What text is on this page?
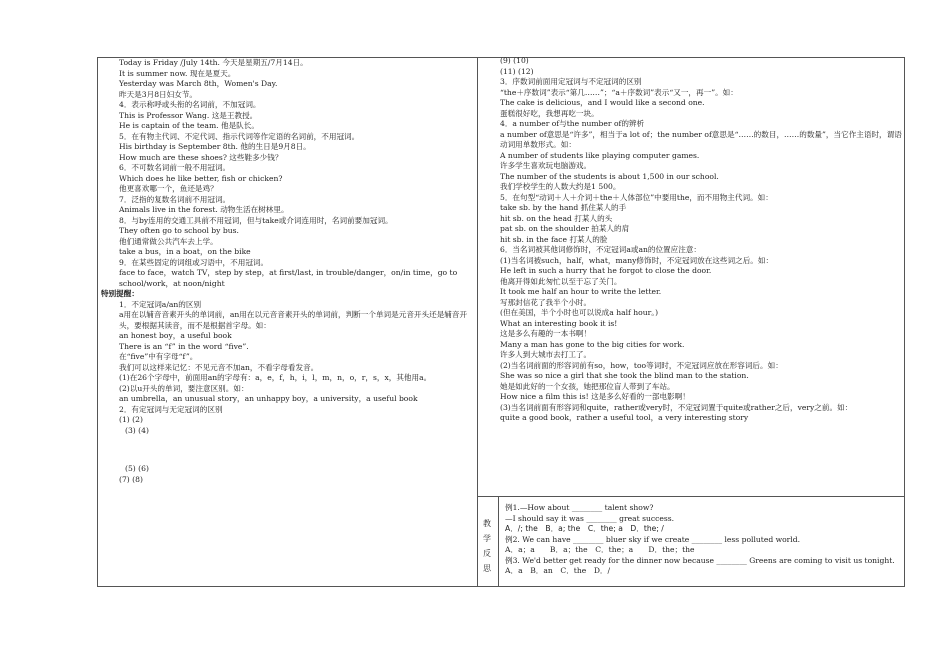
Today is Friday /July 14th. 今天是星期五/7月14日。
It is summer now. 现在是夏天。
Yesterday was March 8th，Women's Day.
昨天是3月8日妇女节。
4．表示称呼或头衔的名词前，不加冠词。
This is Professor Wang. 这是王教授。
He is captain of the team. 他是队长。
5．在有物主代词、不定代词、指示代词等作定语的名词前，不用冠词。
His birthday is September 8th. 他的生日是9月8日。
How much are these shoes? 这些鞋多少钱？
6．不可数名词前一般不用冠词。
Which does he like better, fish or chicken?
他更喜欢哪一个，鱼还是鸡？
7．泛指的复数名词前不用冠词。
Animals live in the forest. 动物生活在树林里。
8．与by连用的交通工具前不用冠词，但与take或介词连用时，名词前要加冠词。
They often go to school by bus.
他们通常做公共汽车去上学。
take a bus，in a boat，on the bike
9．在某些固定的词组或习语中，不用冠词。
face to face，watch TV，step by step，at first/last, in trouble/danger，on/in time，go to school/work，at noon/night
特别提醒：
1．不定冠词a/an的区别
a用在以辅音音素开头的单词前，an用在以元音音素开头的单词前，判断一个单词是元音开头还是辅音开头，要根据其读音，而不是根据首字母。如：
an honest boy，a useful book
There is an “f” in the word “five”.
在“five”中有字母“f”。
我们可以这样来记忆：不见元音不加an，不看字母看发音。
(1)在26个字母中，前面用an的字母有：a，e，f，h，i，l，m，n，o，r，s，x，其他用a。
(2)以u开头的单词，要注意区别。如：
an umbrella，an unusual story，an unhappy boy，a university，a useful book
2．有定冠词与无定冠词的区别
(1) (2)
(3) (4)
(5) (6)
(7) (8)
(9) (10)
(11) (12)
3．序数词前面用定冠词与不定冠词的区别
“the＋序数词”表示“第几……”；“a＋序数词”表示“又一，再一”。如：
The cake is delicious，and I would like a second one.
蛋糕很好吃，我想再吃一块。
4．a number of与the number of的辨析
a number of意思是“许多”，相当于a lot of；the number of意思是“……的数目，……的数量”，当它作主语时，谓语动词用单数形式。如：
A number of students like playing computer games.
许多学生喜欢玩电脑游戏。
The number of the students is about 1,500 in our school.
我们学校学生的人数大约是1 500。
5．在句型“动词＋人＋介词＋the＋人体部位”中要用the，而不用物主代词。如：
take sb. by the hand 抓住某人的手
hit sb. on the head 打某人的头
pat sb. on the shoulder 拍某人的肩
hit sb. in the face 打某人的脸
6．当名词被其他词修饰时，不定冠词a或an的位置应注意：
(1)当名词被such，half，what，many修饰时，不定冠词放在这些词之后。如：
He left in such a hurry that he forgot to close the door.
他离开得如此匆忙以至于忘了关门。
It took me half an hour to write the letter.
写那封信花了我半个小时。
(但在美国，半个小时也可以说成a half hour。)
What an interesting book it is!
这是多么有趣的一本书啊！
Many a man has gone to the big cities for work.
许多人到大城市去打工了。
(2)当名词前面的形容词前有so，how，too等词时，不定冠词应放在形容词后。如：
She was so nice a girl that she took the blind man to the station.
她是如此好的一个女孩，她把那位盲人带到了车站。
How nice a film this is! 这是多么好看的一部电影啊！
(3)当名词前面有形容词和quite，rather或very时，不定冠词置于quite或rather之后，very之前。如：
quite a good book，rather a useful tool，a very interesting story
教
学
反
思
例1.—How about ________ talent show?
—I should say it was ________ great success.
A．/; the　B．a; the　C．the; a　D．the; /
例2. We can have ________ bluer sky if we create ________ less polluted world.
A．a；a　　B．a；the　C．the；a　　D．the；the
例3. We'd better get ready for the dinner now because ________ Greens are coming to visit us tonight.
A．a　B．an　C．the　D．/
